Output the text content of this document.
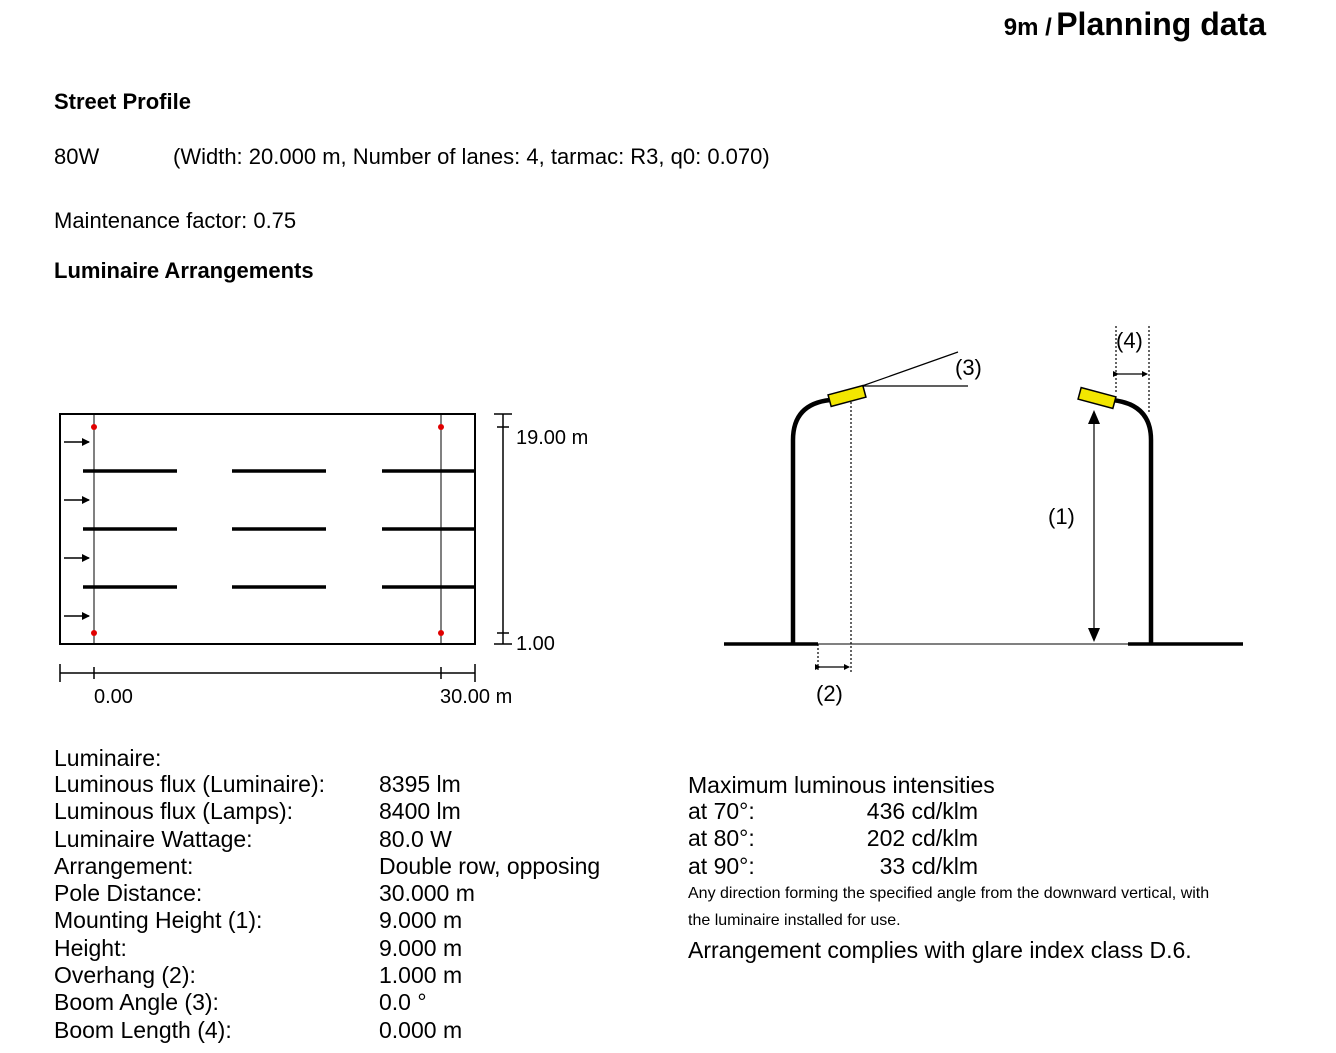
9m / Planning data
Street Profile
80W	(Width: 20.000 m, Number of lanes: 4, tarmac: R3, q0: 0.070)
Maintenance factor: 0.75
Luminaire Arrangements
19.00 m
1.00
0.00	30.00 m
(1)
(2)
(3)
(4)
Luminaire:
Luminous flux (Luminaire):	8395 lm
Luminous flux (Lamps):	8400 lm
Luminaire Wattage:	80.0 W
Arrangement:	Double row, opposing
Pole Distance:	30.000 m
Mounting Height (1):	9.000 m
Height:	9.000 m
Overhang (2):	1.000 m
Boom Angle (3):	0.0 °
Boom Length (4):	0.000 m
Maximum luminous intensities
at 70°:	436 cd/klm
at 80°:	202 cd/klm
at 90°:	33 cd/klm
Any direction forming the specified angle from the downward vertical, with
the luminaire installed for use.
Arrangement complies with glare index class D.6.
